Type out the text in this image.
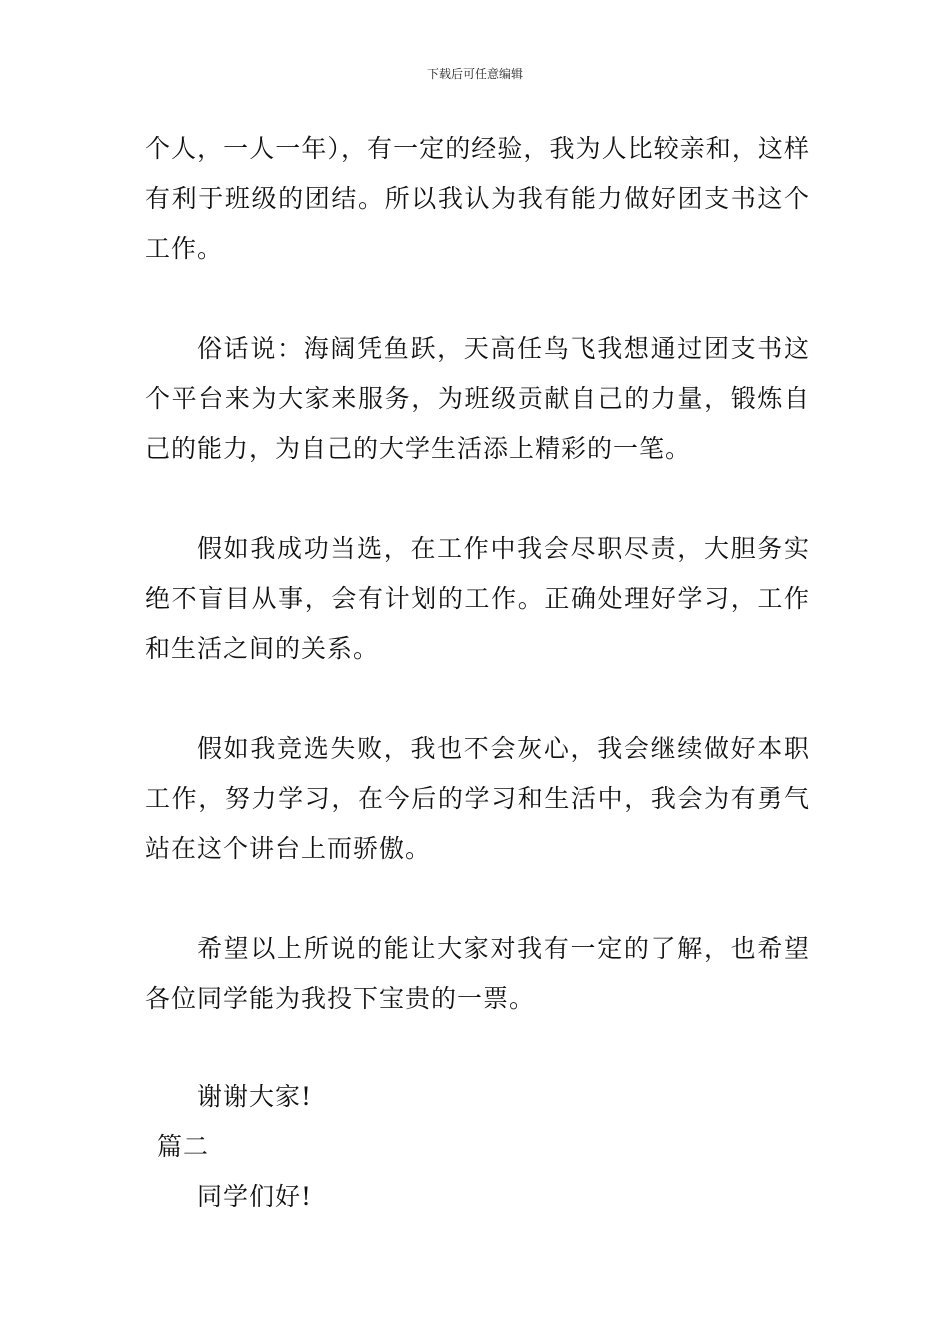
下载后可任意编辑

个人，一人一年），有一定的经验，我为人比较亲和，这样有利于班级的团结。所以我认为我有能力做好团支书这个工作。

俗话说：海阔凭鱼跃，天高任鸟飞我想通过团支书这个平台来为大家来服务，为班级贡献自己的力量，锻炼自己的能力，为自己的大学生活添上精彩的一笔。

假如我成功当选，在工作中我会尽职尽责，大胆务实绝不盲目从事，会有计划的工作。正确处理好学习，工作和生活之间的关系。

假如我竞选失败，我也不会灰心，我会继续做好本职工作，努力学习，在今后的学习和生活中，我会为有勇气站在这个讲台上而骄傲。

希望以上所说的能让大家对我有一定的了解，也希望各位同学能为我投下宝贵的一票。

谢谢大家!
篇二
同学们好!
